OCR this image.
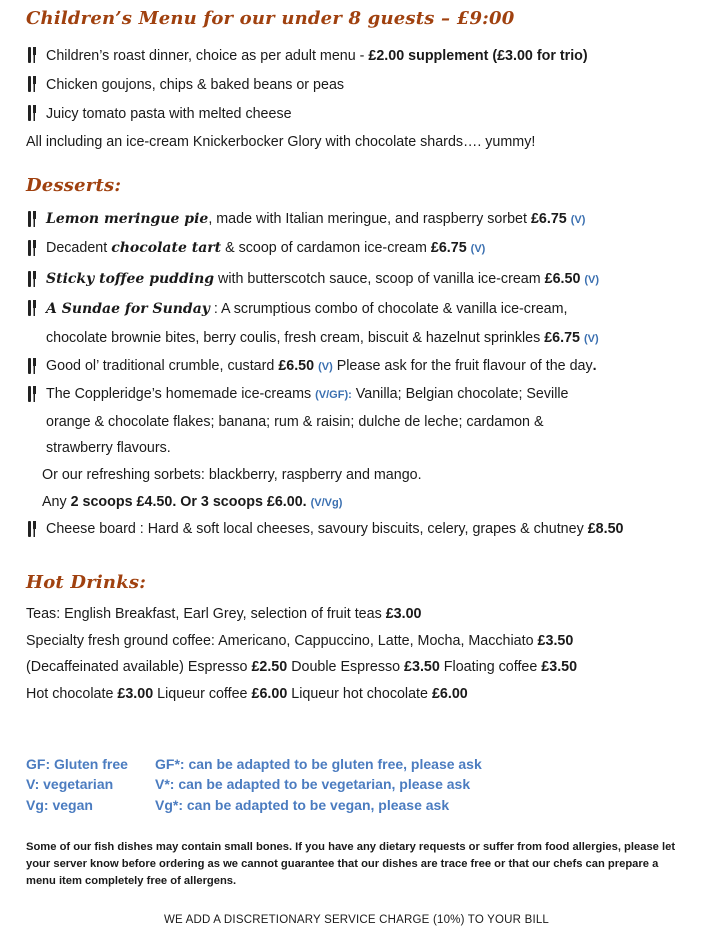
Children’s Menu for our under 8 guests – £9:00
Children’s roast dinner, choice as per adult menu - £2.00 supplement (£3.00 for trio)
Chicken goujons, chips & baked beans or peas
Juicy tomato pasta with melted cheese
All including an ice-cream Knickerbocker Glory with chocolate shards…. yummy!
Desserts:
Lemon meringue pie, made with Italian meringue, and raspberry sorbet £6.75 (V)
Decadent chocolate tart & scoop of cardamon ice-cream £6.75 (V)
Sticky toffee pudding with butterscotch sauce, scoop of vanilla ice-cream £6.50 (V)
A Sundae for Sunday : A scrumptious combo of chocolate & vanilla ice-cream,
chocolate brownie bites, berry coulis, fresh cream, biscuit & hazelnut sprinkles £6.75 (V)
Good ol’ traditional crumble, custard £6.50 (V) Please ask for the fruit flavour of the day.
The Coppleridge’s homemade ice-creams (V/GF): Vanilla; Belgian chocolate; Seville
orange & chocolate flakes; banana; rum & raisin; dulche de leche; cardamon &
strawberry flavours.
Or our refreshing sorbets: blackberry, raspberry and mango.
Any 2 scoops £4.50. Or 3 scoops £6.00. (V/Vg)
Cheese board : Hard & soft local cheeses, savoury biscuits, celery, grapes & chutney £8.50
Hot Drinks:
Teas: English Breakfast, Earl Grey, selection of fruit teas £3.00
Specialty fresh ground coffee: Americano, Cappuccino, Latte, Mocha, Macchiato £3.50
(Decaffeinated available) Espresso £2.50 Double Espresso £3.50 Floating coffee £3.50
Hot chocolate £3.00 Liqueur coffee £6.00 Liqueur hot chocolate £6.00
GF: Gluten free GF*: can be adapted to be gluten free, please ask
V: vegetarian	V*: can be adapted to be vegetarian, please ask
Vg: vegan	Vg*: can be adapted to be vegan, please ask
Some of our fish dishes may contain small bones. If you have any dietary requests or suffer from food allergies, please let your server know before ordering as we cannot guarantee that our dishes are trace free or that our chefs can prepare a menu item completely free of allergens.
WE ADD A DISCRETIONARY SERVICE CHARGE (10%) TO YOUR BILL
